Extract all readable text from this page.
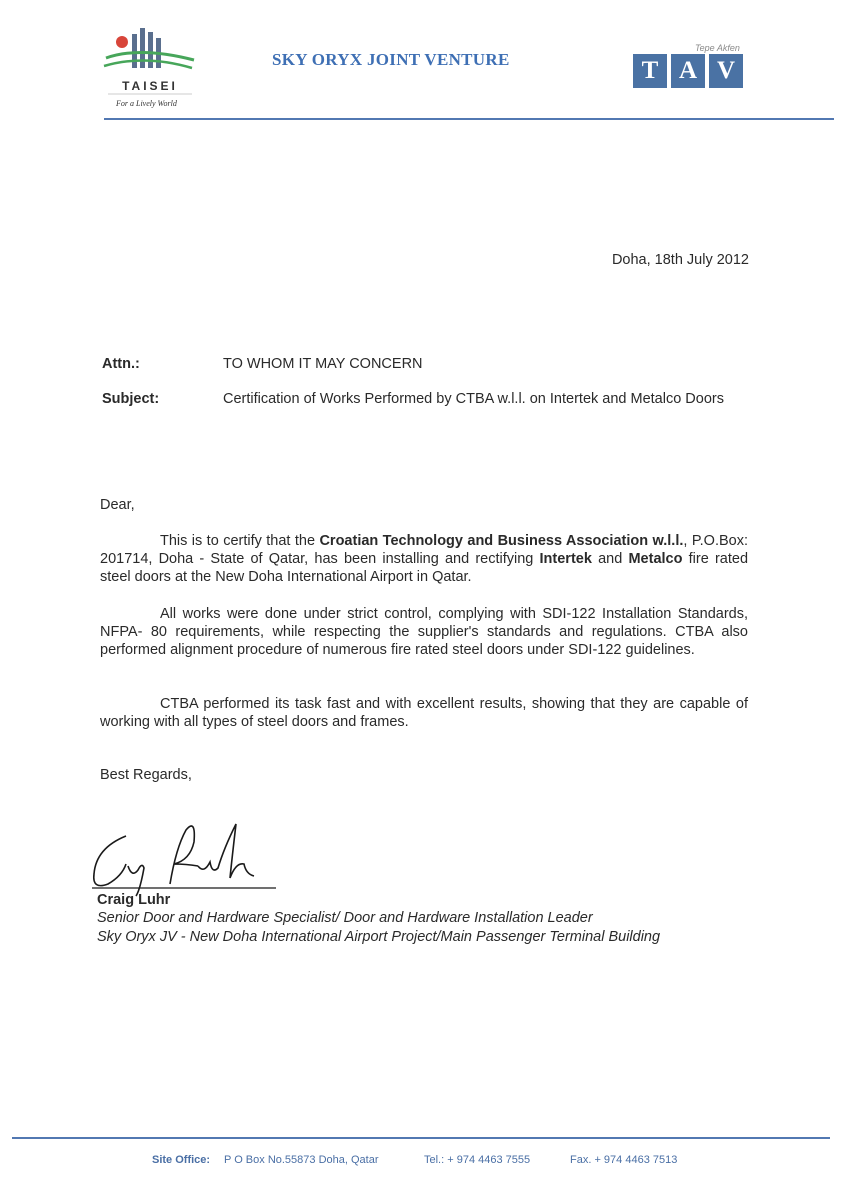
TAISEI
For a Lively World
SKY ORYX JOINT VENTURE
Tepe Akfen
T A V
Doha, 18th July 2012
Attn.:	TO WHOM IT MAY CONCERN
Subject:	Certification of Works Performed by CTBA w.l.l. on Intertek and Metalco Doors
Dear,
This is to certify that the Croatian Technology and Business Association w.l.l., P.O.Box: 201714, Doha - State of Qatar, has been installing and rectifying Intertek and Metalco fire rated steel doors at the New Doha International Airport in Qatar.
All works were done under strict control, complying with SDI-122 Installation Standards, NFPA- 80 requirements, while respecting the supplier's standards and regulations. CTBA also performed alignment procedure of numerous fire rated steel doors under SDI-122 guidelines.
CTBA performed its task fast and with excellent results, showing that they are capable of working with all types of steel doors and frames.
Best Regards,
Craig Luhr
Senior Door and Hardware Specialist/ Door and Hardware Installation Leader
Sky Oryx JV - New Doha International Airport Project/Main Passenger Terminal Building
Site Office: P O Box No.55873 Doha, Qatar	Tel.: + 974 4463 7555	Fax. + 974 4463 7513
